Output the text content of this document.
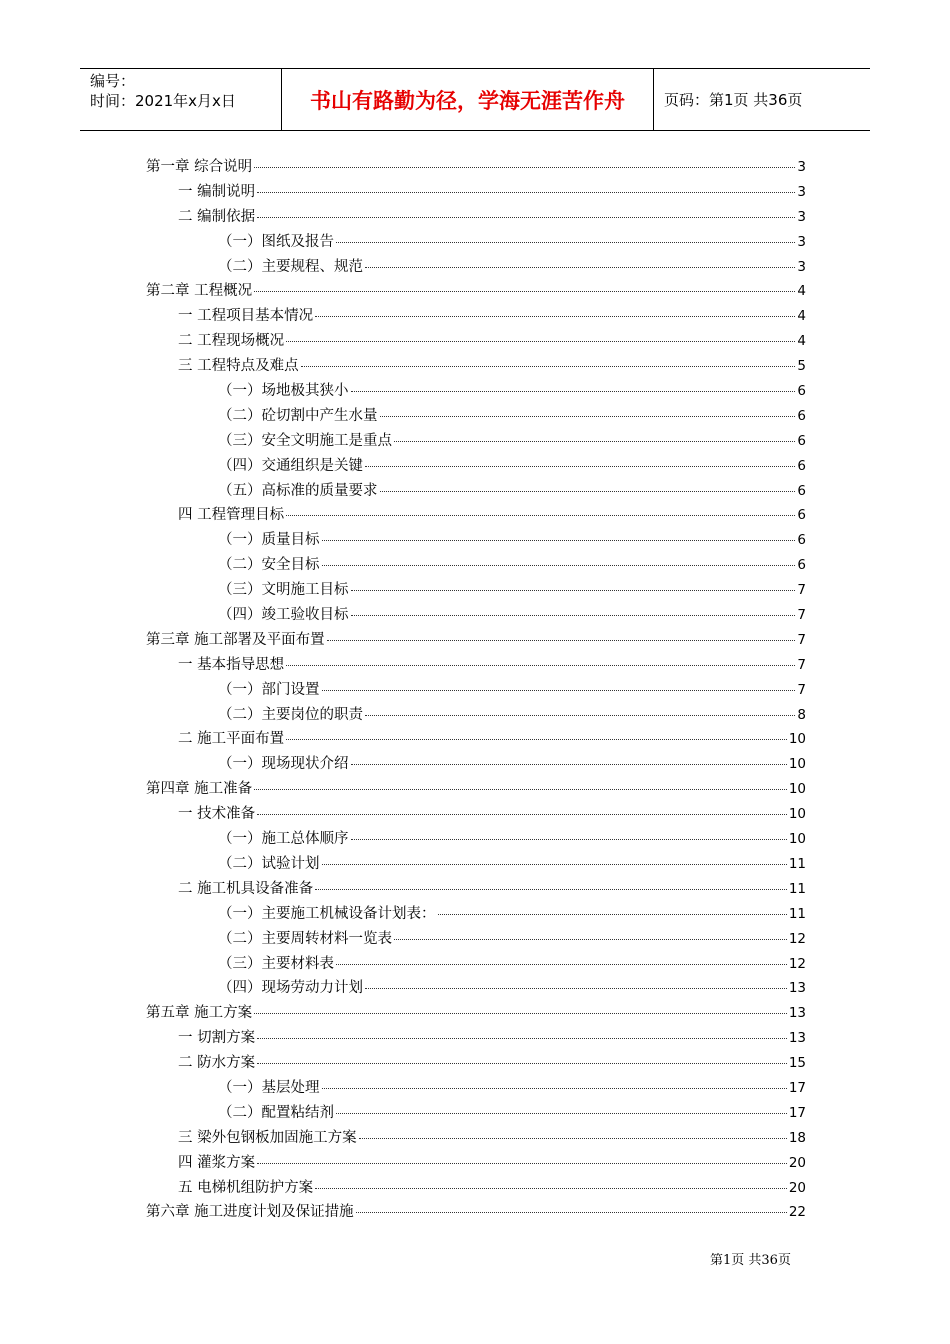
编号：
时间：2021年x月x日	书山有路勤为径，学海无涯苦作舟	页码：第1页 共36页
第一章 综合说明	3
一 编制说明	3
二 编制依据	3
（一）图纸及报告	3
（二）主要规程、规范	3
第二章 工程概况	4
一 工程项目基本情况	4
二 工程现场概况	4
三 工程特点及难点	5
（一）场地极其狭小	6
（二）砼切割中产生水量	6
（三）安全文明施工是重点	6
（四）交通组织是关键	6
（五）高标准的质量要求	6
四 工程管理目标	6
（一）质量目标	6
（二）安全目标	6
（三）文明施工目标	7
（四）竣工验收目标	7
第三章 施工部署及平面布置	7
一 基本指导思想	7
（一）部门设置	7
（二）主要岗位的职责	8
二 施工平面布置	10
（一）现场现状介绍	10
第四章 施工准备	10
一 技术准备	10
（一）施工总体顺序	10
（二）试验计划	11
二 施工机具设备准备	11
（一）主要施工机械设备计划表：	11
（二）主要周转材料一览表	12
（三）主要材料表	12
（四）现场劳动力计划	13
第五章 施工方案	13
一 切割方案	13
二 防水方案	15
（一）基层处理	17
（二）配置粘结剂	17
三 梁外包钢板加固施工方案	18
四 灌浆方案	20
五 电梯机组防护方案	20
第六章 施工进度计划及保证措施	22
第1页 共36页
